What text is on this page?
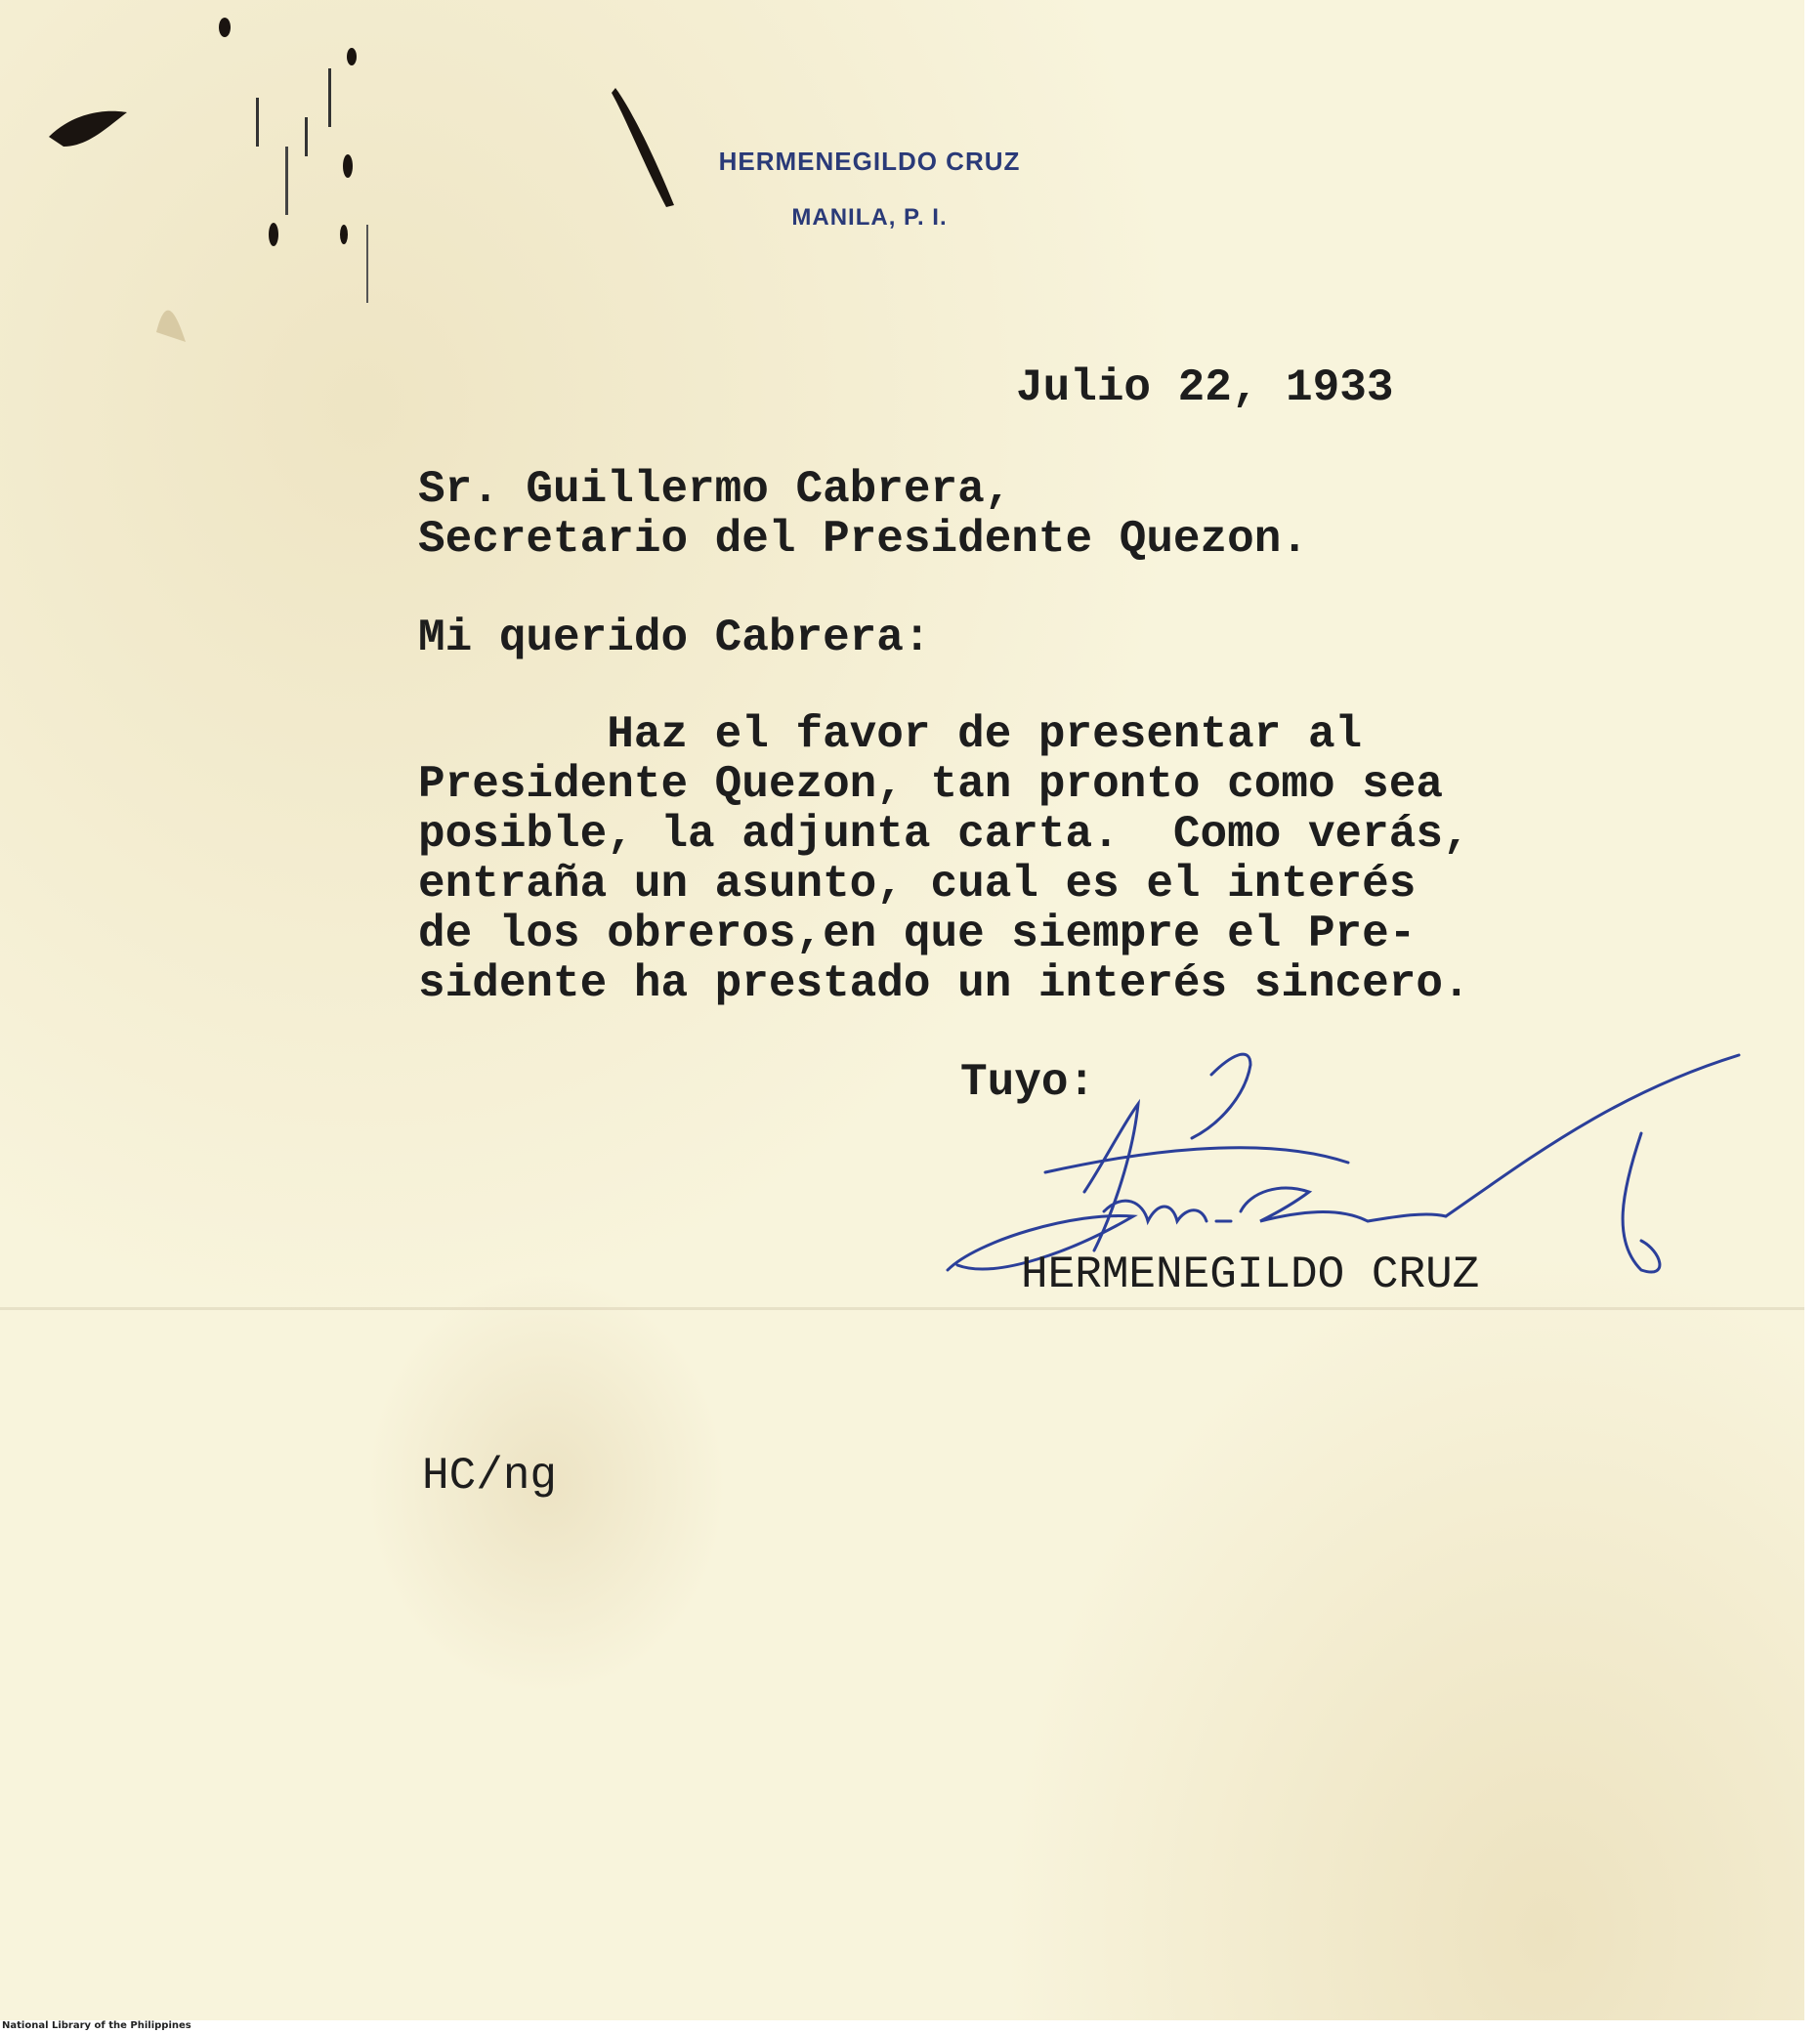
HERMENEGILDO CRUZ
MANILA, P. I.
Julio 22, 1933
Sr. Guillermo Cabrera,
Secretario del Presidente Quezon.
Mi querido Cabrera:
Haz el favor de presentar al
Presidente Quezon, tan pronto como sea
posible, la adjunta carta.  Como verás,
entraña un asunto, cual es el interés
de los obreros,en que siempre el Pre-
sidente ha prestado un interés sincero.
Tuyo:
HERMENEGILDO CRUZ
HC/ng
National Library of the Philippines
